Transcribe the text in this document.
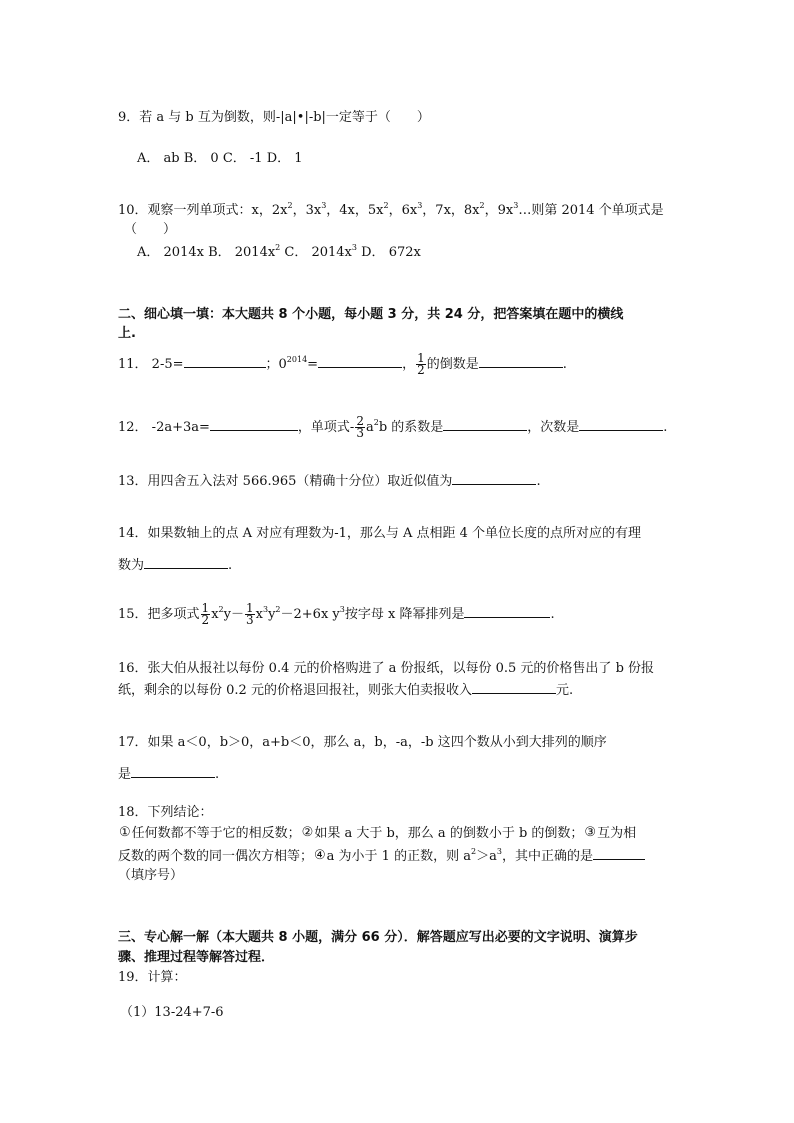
9．若 a 与 b 互为倒数，则-|a|•|-b|一定等于（　　）
A． ab B． 0 C． -1 D． 1
10．观察一列单项式：x，$2x^2$，$3x^3$，4x，$5x^2$，$6x^3$，7x，$8x^2$，$9x^3\dots$则第 2014 个单项式是
（　　）
A． 2014x B． $2014x^2$ C． $2014x^3$ D． 672x
二、细心填一填：本大题共 8 个小题，每小题 3 分，共 24 分，把答案填在题中的横线
上.
11． 2-5=	；$0^{2014}=$	， $\frac{1}{2}$ 的倒数是	.
12． -2a+3a=	，单项式- $\frac{2}{3} a^2b$ 的系数是	，次数是	.
13．用四舍五入法对 566.965（精确十分位）取近似值为	.
14．如果数轴上的点 A 对应有理数为-1，那么与 A 点相距 4 个单位长度的点所对应的有理
数为	.
15．把多项式 $\frac{1}{2} x^2y- \frac{1}{3} x^3y^2-2+6x$ $y^3$按字母 x 降幂排列是	.
16．张大伯从报社以每份 0.4 元的价格购进了 a 份报纸，以每份 0.5 元的价格售出了 b 份报
纸，剩余的以每份 0.2 元的价格退回报社，则张大伯卖报收入	元.
17．如果 a＜0，b＞0，a+b＜0，那么 a，b，-a，-b 这四个数从小到大排列的顺序
是	.
18．下列结论：
①任何数都不等于它的相反数；②如果 a 大于 b，那么 a 的倒数小于 b 的倒数；③互为相
反数的两个数的同一偶次方相等；④a 为小于 1 的正数，则 $a^2>a^3$，其中正确的是
（填序号）
三、专心解一解（本大题共 8 小题，满分 66 分）．解答题应写出必要的文字说明、演算步
骤、推理过程等解答过程．
19．计算：
（1）13-24+7-6
